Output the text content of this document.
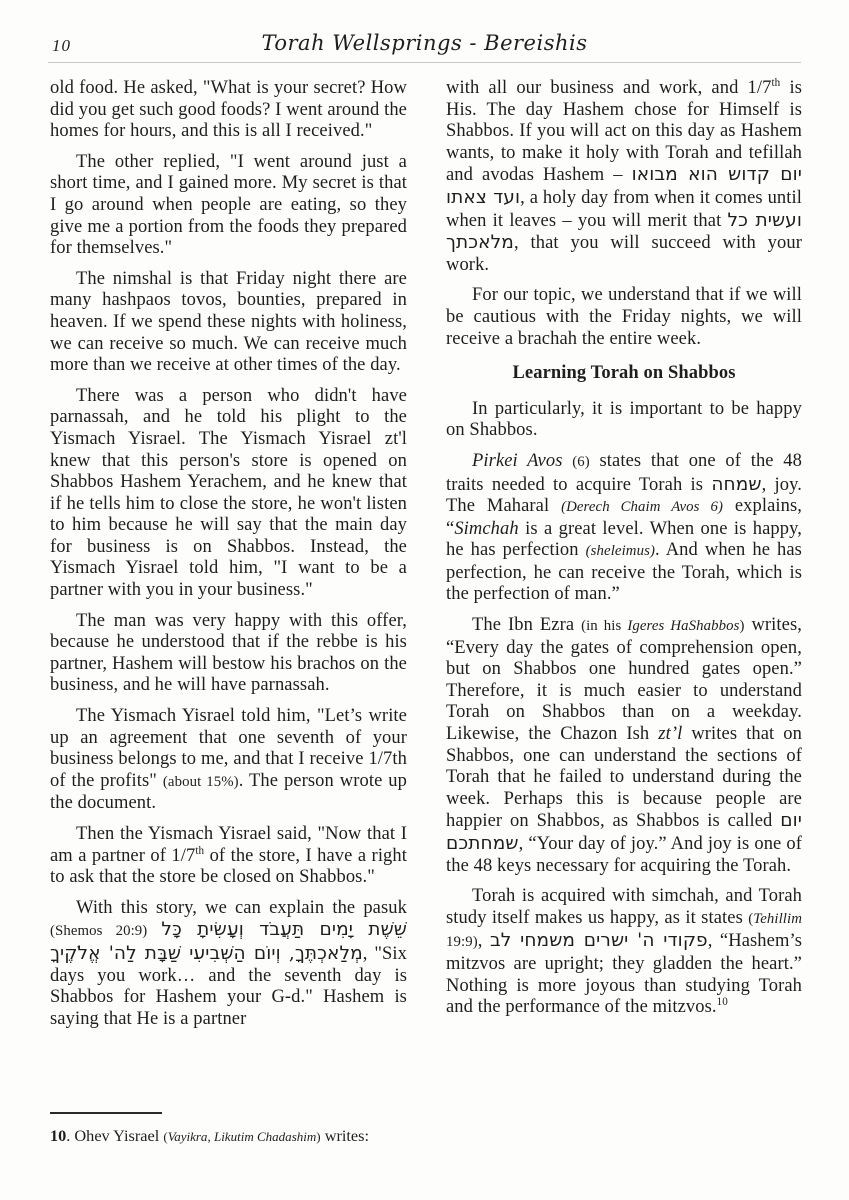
10	Torah Wellsprings - Bereishis

old food. He asked, "What is your secret? How did you get such good foods? I went around the homes for hours, and this is all I received."

The other replied, "I went around just a short time, and I gained more. My secret is that I go around when people are eating, so they give me a portion from the foods they prepared for themselves."

The nimshal is that Friday night there are many hashpaos tovos, bounties, prepared in heaven. If we spend these nights with holiness, we can receive so much. We can receive much more than we receive at other times of the day.

There was a person who didn't have parnassah, and he told his plight to the Yismach Yisrael. The Yismach Yisrael zt'l knew that this person's store is opened on Shabbos Hashem Yerachem, and he knew that if he tells him to close the store, he won't listen to him because he will say that the main day for business is on Shabbos. Instead, the Yismach Yisrael told him, "I want to be a partner with you in your business."

The man was very happy with this offer, because he understood that if the rebbe is his partner, Hashem will bestow his brachos on the business, and he will have parnassah.

The Yismach Yisrael told him, "Let’s write up an agreement that one seventh of your business belongs to me, and that I receive 1/7th of the profits" (about 15%). The person wrote up the document.

Then the Yismach Yisrael said, "Now that I am a partner of 1/7th of the store, I have a right to ask that the store be closed on Shabbos."

With this story, we can explain the pasuk (Shemos 20:9) שֵׁשֶׁת יָמִים תַּעֲבֹד וְעָשִׂיתָ כָּל מְלַאכְתֶּךָ, וְיוֹם הַשְּׁבִיעִי שַׁבָּת לַה' אֱלֹקֶיךָ, "Six days you work… and the seventh day is Shabbos for Hashem your G-d." Hashem is saying that He is a partner

with all our business and work, and 1/7th is His. The day Hashem chose for Himself is Shabbos. If you will act on this day as Hashem wants, to make it holy with Torah and tefillah and avodas Hashem – יום קדוש הוא מבואו ועד צאתו, a holy day from when it comes until when it leaves – you will merit that ועשית כל מלאכתך, that you will succeed with your work.

For our topic, we understand that if we will be cautious with the Friday nights, we will receive a brachah the entire week.

Learning Torah on Shabbos

In particularly, it is important to be happy on Shabbos.

Pirkei Avos (6) states that one of the 48 traits needed to acquire Torah is שמחה, joy. The Maharal (Derech Chaim Avos 6) explains, “Simchah is a great level. When one is happy, he has perfection (sheleimus). And when he has perfection, he can receive the Torah, which is the perfection of man.”

The Ibn Ezra (in his Igeres HaShabbos) writes, “Every day the gates of comprehension open, but on Shabbos one hundred gates open.” Therefore, it is much easier to understand Torah on Shabbos than on a weekday. Likewise, the Chazon Ish zt’l writes that on Shabbos, one can understand the sections of Torah that he failed to understand during the week. Perhaps this is because people are happier on Shabbos, as Shabbos is called יום שמחתכם, “Your day of joy.” And joy is one of the 48 keys necessary for acquiring the Torah.

Torah is acquired with simchah, and Torah study itself makes us happy, as it states (Tehillim 19:9), פקודי ה' ישרים משמחי לב, “Hashem’s mitzvos are upright; they gladden the heart.” Nothing is more joyous than studying Torah and the performance of the mitzvos.$^{10}$

10. Ohev Yisrael (Vayikra, Likutim Chadashim) writes:
